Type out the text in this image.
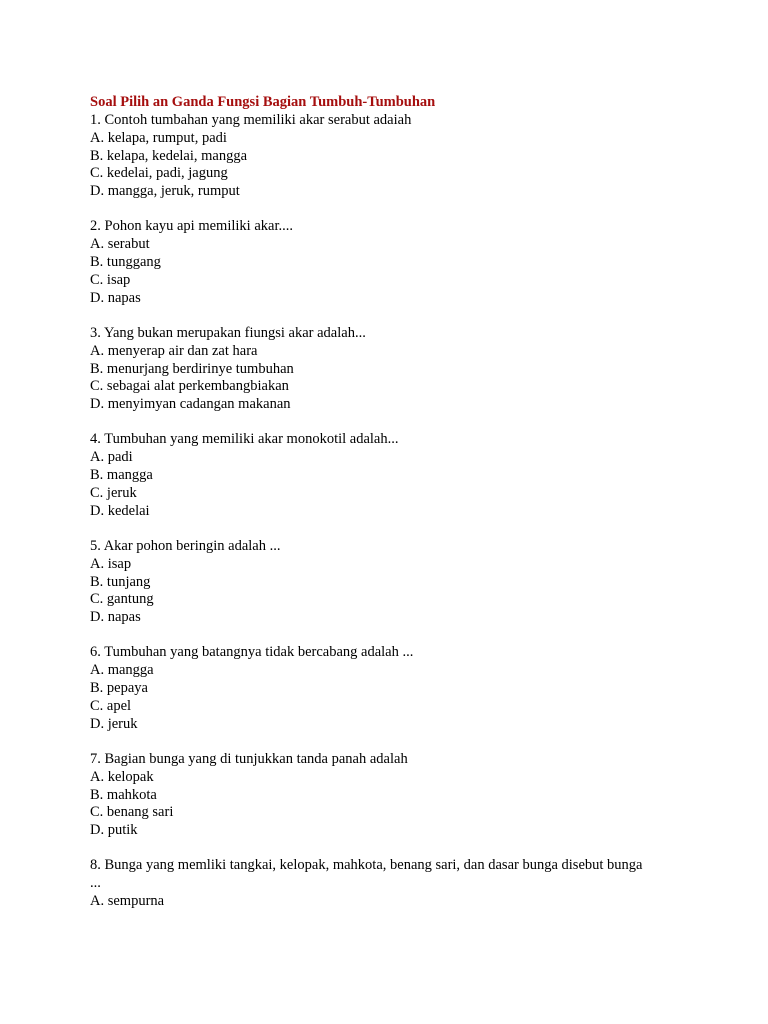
Soal Pilih an Ganda Fungsi Bagian Tumbuh-Tumbuhan

1. Contoh tumbahan yang memiliki akar serabut adaiah
A. kelapa, rumput, padi
B. kelapa, kedelai, mangga
C. kedelai, padi, jagung
D. mangga, jeruk, rumput
2. Pohon kayu api memiliki akar....
A. serabut
B. tunggang
C. isap
D. napas
3. Yang bukan merupakan fiungsi akar adalah...
A. menyerap air dan zat hara
B. menurjang berdirinye tumbuhan
C. sebagai alat perkembangbiakan
D. menyimyan cadangan makanan
4. Tumbuhan yang memiliki akar monokotil adalah...
A. padi
B. mangga
C. jeruk
D. kedelai
5. Akar pohon beringin adalah ...
A. isap
B. tunjang
C. gantung
D. napas
6. Tumbuhan yang batangnya tidak bercabang adalah ...
A. mangga
B. pepaya
C. apel
D. jeruk
7. Bagian bunga yang di tunjukkan tanda panah adalah
A. kelopak
B. mahkota
C. benang sari
D. putik
8. Bunga yang memliki tangkai, kelopak, mahkota, benang sari, dan dasar bunga disebut bunga ...
A. sempurna
